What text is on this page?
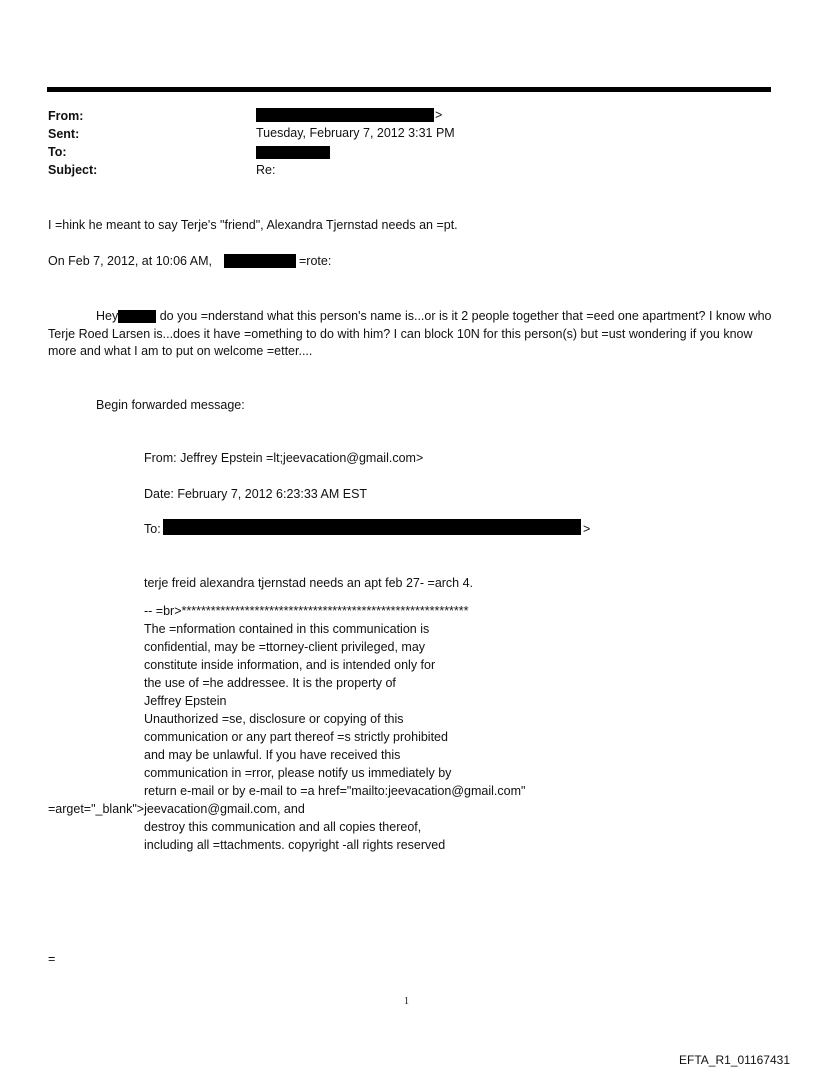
From:	>
Sent:	Tuesday, February 7, 2012 3:31 PM
To:
Subject:	Re:
I =hink he meant to say Terje's "friend", Alexandra Tjernstad needs an =pt.
On Feb 7, 2012, at 10:06 AM,	=rote:
Hey	do you =nderstand what this person's name is...or is it 2 people together that =eed one apartment? I know who Terje Roed Larsen is...does it have =omething to do with him? I can block 10N for this person(s) but =ust wondering if you know more and what I am to put on welcome =etter....
Begin forwarded message:
From: Jeffrey Epstein =lt;jeevacation@gmail.com>
Date: February 7, 2012 6:23:33 AM EST
To:	>
terje freid alexandra tjernstad needs an apt feb 27- =arch 4.
-- =br>***********************************************************
The =nformation contained in this communication is
confidential, may be =ttorney-client privileged, may
constitute inside information, and is intended only for
the use of =he addressee. It is the property of
Jeffrey Epstein
Unauthorized =se, disclosure or copying of this
communication or any part thereof =s strictly prohibited
and may be unlawful. If you have received this
communication in =rror, please notify us immediately by
return e-mail or by e-mail to =a href="mailto:jeevacation@gmail.com"
=arget="_blank">jeevacation@gmail.com, and
destroy this communication and all copies thereof,
including all =ttachments. copyright -all rights reserved
=
1
EFTA_R1_01167431
